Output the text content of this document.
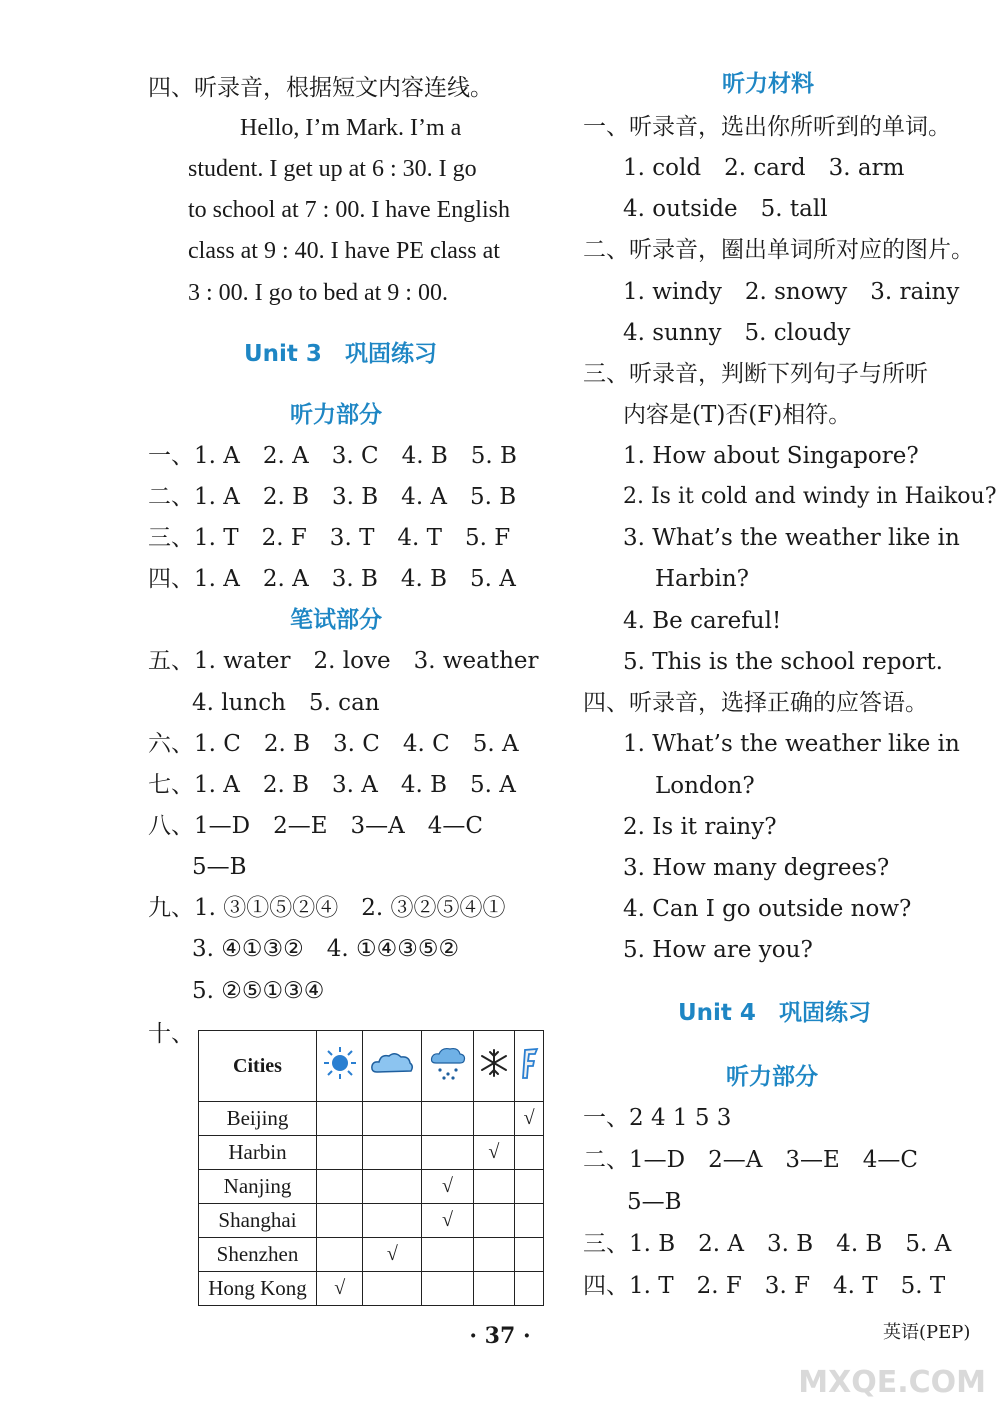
四、听录音，根据短文内容连线。
Hello, I’m Mark. I’m a
student. I get up at 6 : 30. I go
to school at 7 : 00. I have English
class at 9 : 40. I have PE class at
3 : 00. I go to bed at 9 : 00.
Unit 3　巩固练习
听力部分
一、1. A　2. A　3. C　4. B　5. B
二、1. A　2. B　3. B　4. A　5. B
三、1. T　2. F　3. T　4. T　5. F
四、1. A　2. A　3. B　4. B　5. A
笔试部分
五、1. water　2. love　3. weather
4. lunch　5. can
六、1. C　2. B　3. C　4. C　5. A
七、1. A　2. B　3. A　4. B　5. A
八、1—D　2—E　3—A　4—C
5—B
九、1. ③①⑤②④　2. ③②⑤④①
3. ④①③②　4. ①④③⑤②
5. ②⑤①③④
十、
Cities					
Beijing					√
Harbin				√	
Nanjing			√		
Shanghai			√		
Shenzhen		√			
Hong Kong	√				
听力材料
一、听录音，选出你所听到的单词。
1. cold　2. card　3. arm
4. outside　5. tall
二、听录音，圈出单词所对应的图片。
1. windy　2. snowy　3. rainy
4. sunny　5. cloudy
三、听录音，判断下列句子与所听
内容是(T)否(F)相符。
1. How about Singapore?
2. Is it cold and windy in Haikou?
3. What’s the weather like in
Harbin?
4. Be careful!
5. This is the school report.
四、听录音，选择正确的应答语。
1. What’s the weather like in
London?
2. Is it rainy?
3. How many degrees?
4. Can I go outside now?
5. How are you?
Unit 4　巩固练习
听力部分
一、2 4 1 5 3
二、1—D　2—A　3—E　4—C
5—B
三、1. B　2. A　3. B　4. B　5. A
四、1. T　2. F　3. F　4. T　5. T
· 37 ·	英语(PEP)
MXQE.COM
